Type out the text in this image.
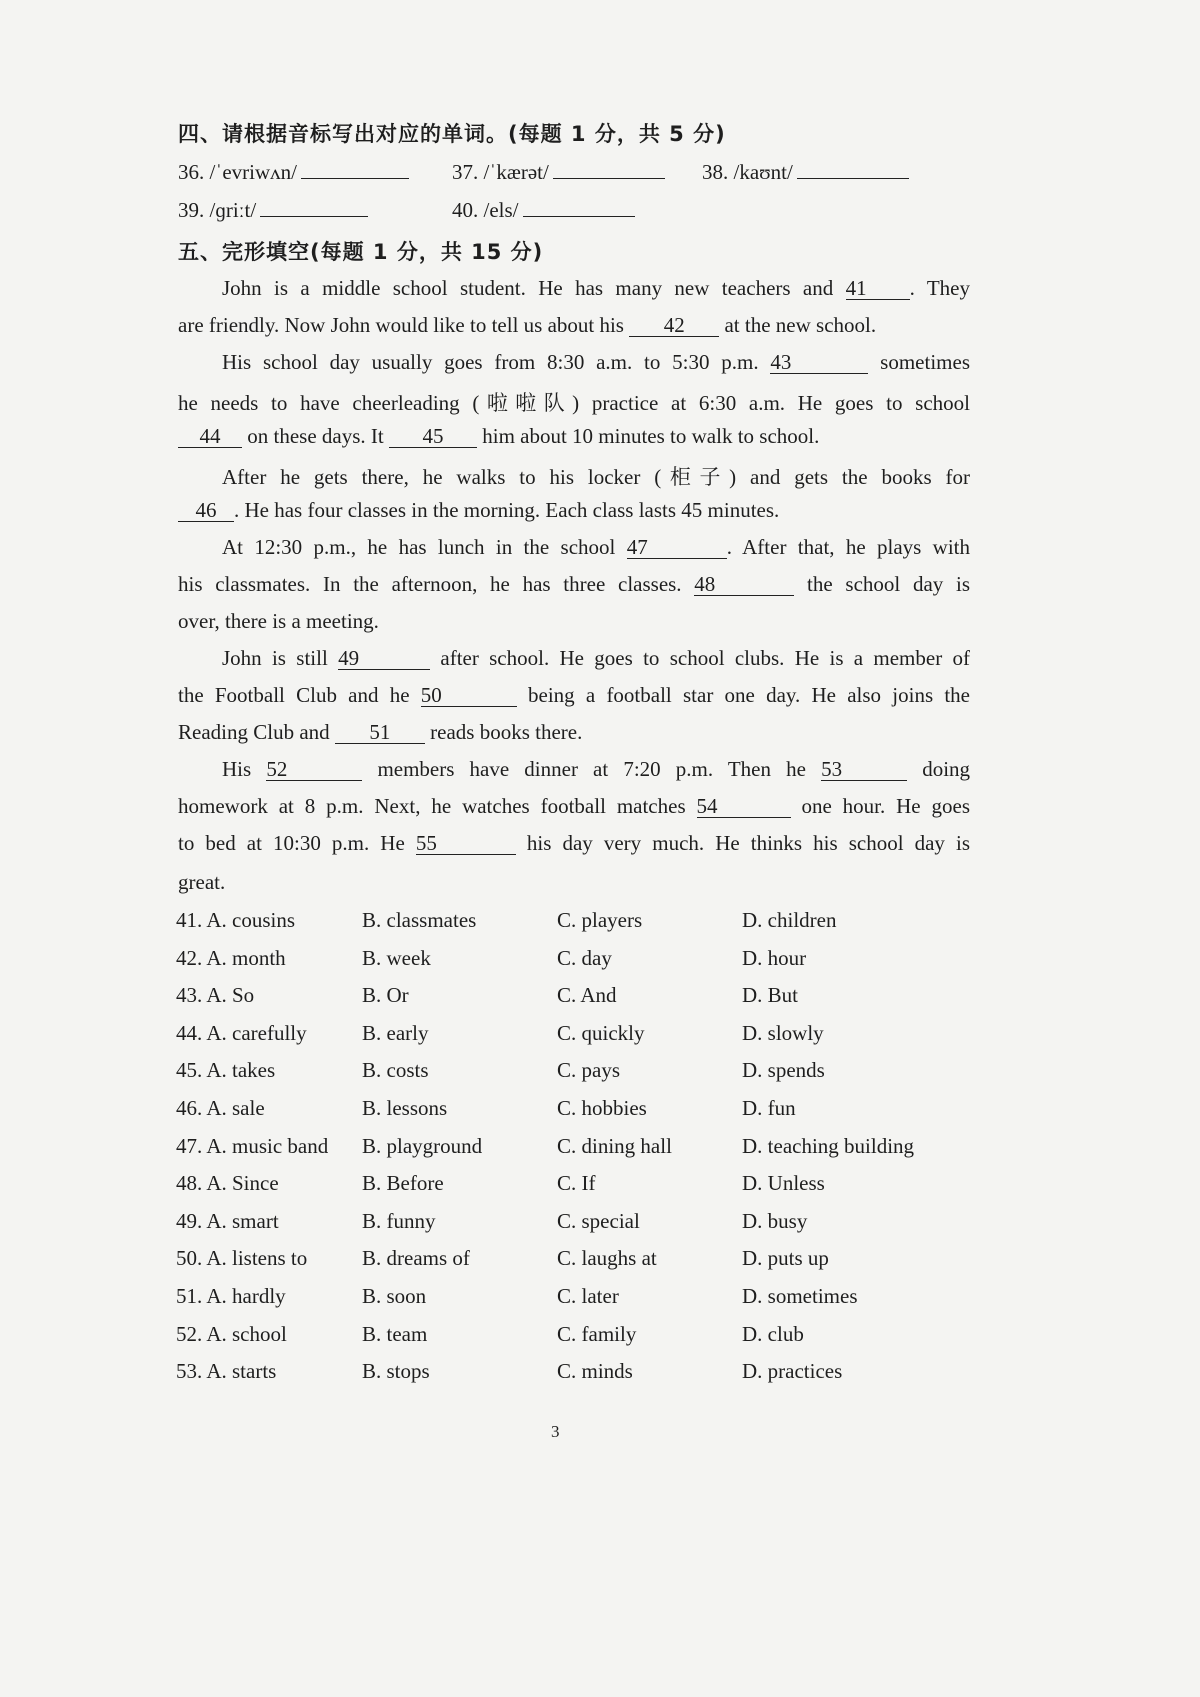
四、请根据音标写出对应的单词。(每题 1 分，共 5 分)
36. /ˈevriwʌn/	37. /ˈkærət/	38. /kaʊnt/
39. /ɡriːt/	40. /els/
五、完形填空(每题 1 分，共 15 分)
John is a middle school student. He has many new teachers and 41 . They
are friendly. Now John would like to tell us about his 42 at the new school.
His school day usually goes from 8:30 a.m. to 5:30 p.m. 43	sometimes
he needs to have cheerleading (啦啦队) practice at 6:30 a.m. He goes to school
44 on these days. It 45 him about 10 minutes to walk to school.
After he gets there, he walks to his locker (柜子) and gets the books for
46 . He has four classes in the morning. Each class lasts 45 minutes.
At 12:30 p.m., he has lunch in the school 47	. After that, he plays with
his classmates. In the afternoon, he has three classes. 48	the school day is
over, there is a meeting.
John is still 49	after school. He goes to school clubs. He is a member of
the Football Club and he 50	being a football star one day. He also joins the
Reading Club and 51 reads books there.
His 52	members have dinner at 7:20 p.m. Then he 53	doing
homework at 8 p.m. Next, he watches football matches 54	one hour. He goes
to bed at 10:30 p.m. He 55	his day very much. He thinks his school day is
great.
41. A. cousins	B. classmates	C. players	D. children
42. A. month	B. week	C. day	D. hour
43. A. So	B. Or	C. And	D. But
44. A. carefully	B. early	C. quickly	D. slowly
45. A. takes	B. costs	C. pays	D. spends
46. A. sale	B. lessons	C. hobbies	D. fun
47. A. music band B. playground	C. dining hall	D. teaching building
48. A. Since	B. Before	C. If	D. Unless
49. A. smart	B. funny	C. special	D. busy
50. A. listens to	B. dreams of	C. laughs at	D. puts up
51. A. hardly	B. soon	C. later	D. sometimes
52. A. school	B. team	C. family	D. club
53. A. starts	B. stops	C. minds	D. practices
3
